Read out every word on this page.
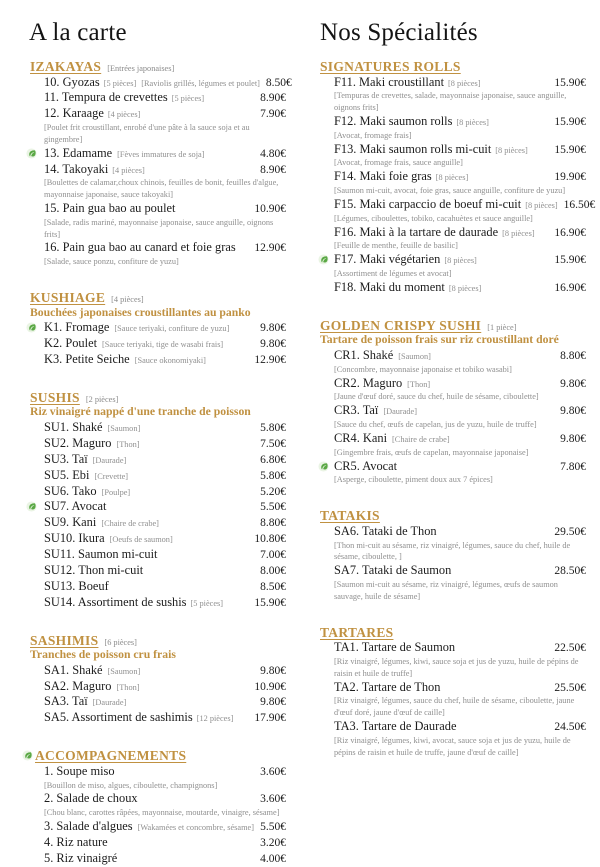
A la carte
IZAKAYAS [Entrées japonaises]
10. Gyozas [5 pièces] [Raviolis grillés, légumes et poulet] 8.50€
11. Tempura de crevettes [5 pièces]	8.90€
12. Karaage [4 pièces]	7.90€
[Poulet frit croustillant, enrobé d'une pâte à la sauce soja et au gingembre]
13. Edamame [Fèves immatures de soja]	4.80€
14. Takoyaki [4 pièces]	8.90€
[Boulettes de calamar,choux chinois, feuilles de bonit, feuilles d'algue, mayonnaise japonaise, sauce takoyaki]
15. Pain gua bao au poulet	10.90€
[Salade, radis mariné, mayonnaise japonaise, sauce anguille, oignons frits]
16. Pain gua bao au canard et foie gras	12.90€
[Salade, sauce ponzu, confiture de yuzu]
KUSHIAGE [4 pièces]
Bouchées japonaises croustillantes au panko
K1. Fromage [Sauce teriyaki, confiture de yuzu]	9.80€
K2. Poulet [Sauce teriyaki, tige de wasabi frais]	9.80€
K3. Petite Seiche [Sauce okonomiyaki]	12.90€
SUSHIS [2 pièces]
Riz vinaigré nappé d'une tranche de poisson
SU1. Shaké [Saumon]	5.80€
SU2. Maguro [Thon]	7.50€
SU3. Taï [Daurade]	6.80€
SU5. Ebi [Crevette]	5.80€
SU6. Tako [Poulpe]	5.20€
SU7. Avocat	5.50€
SU9. Kani [Chaire de crabe]	8.80€
SU10. Ikura [Oeufs de saumon]	10.80€
SU11. Saumon mi-cuit	7.00€
SU12. Thon mi-cuit	8.00€
SU13. Boeuf	8.50€
SU14. Assortiment de sushis [5 pièces]	15.90€
SASHIMIS [6 pièces]
Tranches de poisson cru frais
SA1. Shaké [Saumon]	9.80€
SA2. Maguro [Thon]	10.90€
SA3. Taï [Daurade]	9.80€
SA5. Assortiment de sashimis [12 pièces]	17.90€
ACCOMPAGNEMENTS
1. Soupe miso	3.60€
[Bouillon de miso, algues, ciboulette, champignons]
2. Salade de choux	3.60€
[Chou blanc, carottes râpées, mayonnaise, moutarde, vinaigre, sésame]
3. Salade d'algues [Wakamées et concombre, sésame] 5.50€
4. Riz nature	3.20€
5. Riz vinaigré	4.00€
Nos Spécialités
SIGNATURES ROLLS
F11. Maki croustillant [8 pièces]	15.90€
[Tempuras de crevettes, salade, mayonnaise japonaise, sauce anguille, oignons frits]
F12. Maki saumon rolls [8 pièces]	15.90€
[Avocat, fromage frais]
F13. Maki saumon rolls mi-cuit [8 pièces]	15.90€
[Avocat, fromage frais, sauce anguille]
F14. Maki foie gras [8 pièces]	19.90€
[Saumon mi-cuit, avocat, foie gras, sauce anguille, confiture de yuzu]
F15. Maki carpaccio de boeuf mi-cuit [8 pièces] 16.50€
[Légumes, ciboulettes, tobiko, cacahuètes et sauce anguille]
F16. Maki à la tartare de daurade [8 pièces]	16.90€
[Feuille de menthe, feuille de basilic]
F17. Maki végétarien [8 pièces]	15.90€
[Assortiment de légumes et avocat]
F18. Maki du moment [8 pièces]	16.90€
GOLDEN CRISPY SUSHI [1 pièce]
Tartare de poisson frais sur riz croustillant doré
CR1. Shaké [Saumon]	8.80€
[Concombre, mayonnaise japonaise et tobiko wasabi]
CR2. Maguro [Thon]	9.80€
[Jaune d'œuf doré, sauce du chef, huile de sésame, ciboulette]
CR3. Taï [Daurade]	9.80€
[Sauce du chef, œufs de capelan, jus de yuzu, huile de truffe]
CR4. Kani [Chaire de crabe]	9.80€
[Gingembre frais, œufs de capelan, mayonnaise japonaise]
CR5. Avocat	7.80€
[Asperge, ciboulette, piment doux aux 7 épices]
TATAKIS
SA6. Tataki de Thon	29.50€
[Thon mi-cuit au sésame, riz vinaigré, légumes, sauce du chef, huile de sésame, ciboulette, ]
SA7. Tataki de Saumon	28.50€
[Saumon mi-cuit au sésame, riz vinaigré, légumes, œufs de saumon sauvage, huile de sésame]
TARTARES
TA1. Tartare de Saumon	22.50€
[Riz vinaigré, légumes, kiwi, sauce soja et jus de yuzu, huile de pépins de raisin et huile de truffe]
TA2. Tartare de Thon	25.50€
[Riz vinaigré, légumes, sauce du chef, huile de sésame, ciboulette, jaune d'œuf doré, jaune d'œuf de caille]
TA3. Tartare de Daurade	24.50€
[Riz vinaigré, légumes, kiwi, avocat, sauce soja et jus de yuzu, huile de pépins de raisin et huile de truffe, jaune d'œuf de caille]
